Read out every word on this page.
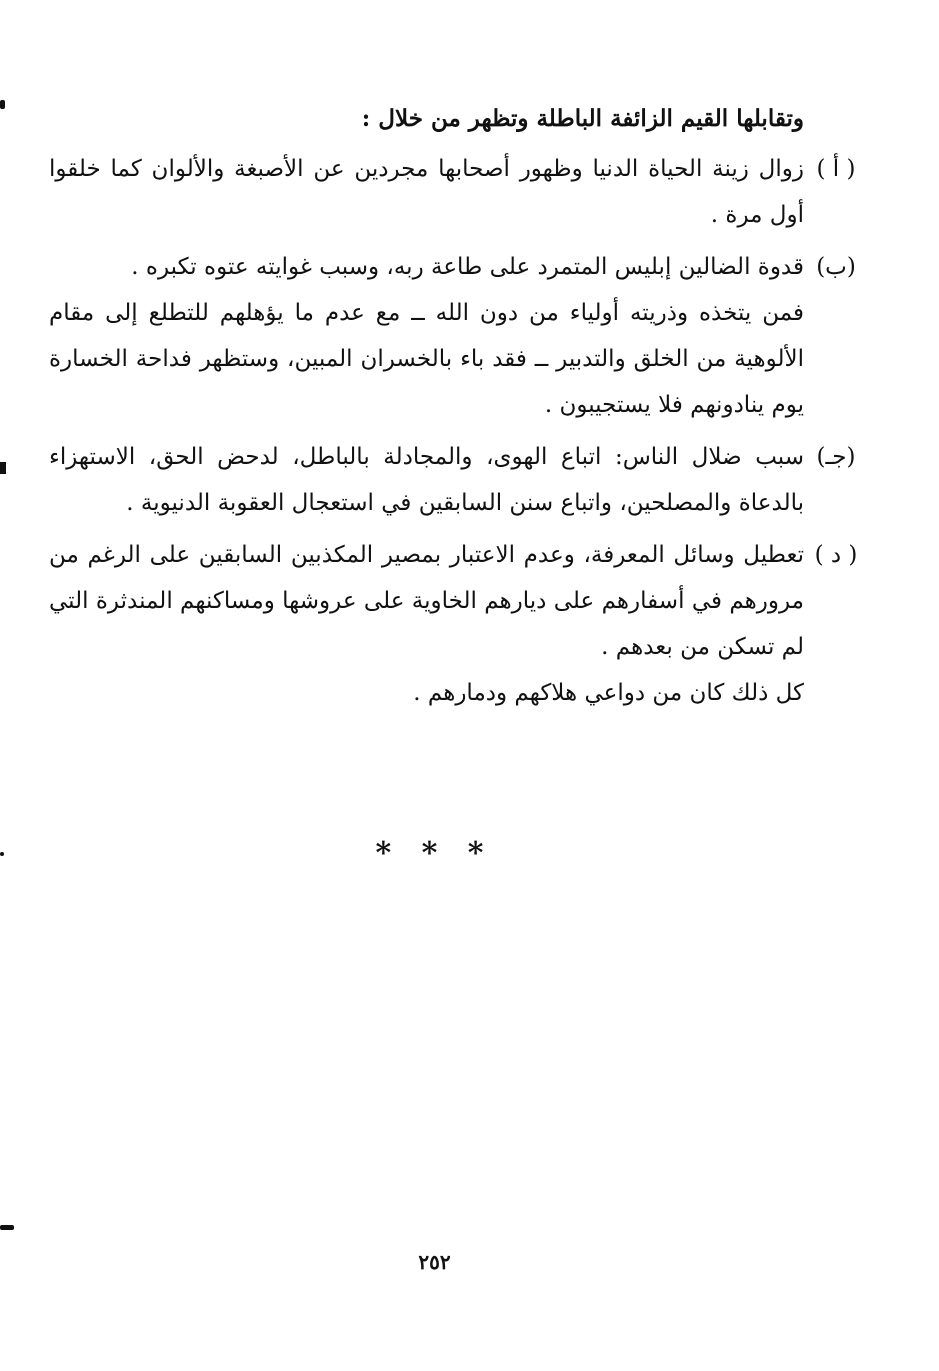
وتقابلها القيم الزائفة الباطلة وتظهر من خلال :

( أ )

زوال زينة الحياة الدنيا وظهور أصحابها مجردين عن الأصبغة والألوان كما خلقوا أول مرة .

(ب)

قدوة الضالين إبليس المتمرد على طاعة ربه، وسبب غوايته عتوه تكبره .

فمن يتخذه وذريته أولياء من دون الله ــ مع عدم ما يؤهلهم للتطلع إلى مقام الألوهية من الخلق والتدبير ــ فقد باء بالخسران المبين، وستظهر فداحة الخسارة يوم ينادونهم فلا يستجيبون .

(جـ)

سبب ضلال الناس: اتباع الهوى، والمجادلة بالباطل، لدحض الحق، الاستهزاء بالدعاة والمصلحين، واتباع سنن السابقين في استعجال العقوبة الدنيوية .

( د )

تعطيل وسائل المعرفة، وعدم الاعتبار بمصير المكذبين السابقين على الرغم من مرورهم في أسفارهم على ديارهم الخاوية على عروشها ومساكنهم المندثرة التي لم تسكن من بعدهم .

كل ذلك كان من دواعي هلاكهم ودمارهم .

* * *
٢٥٢
